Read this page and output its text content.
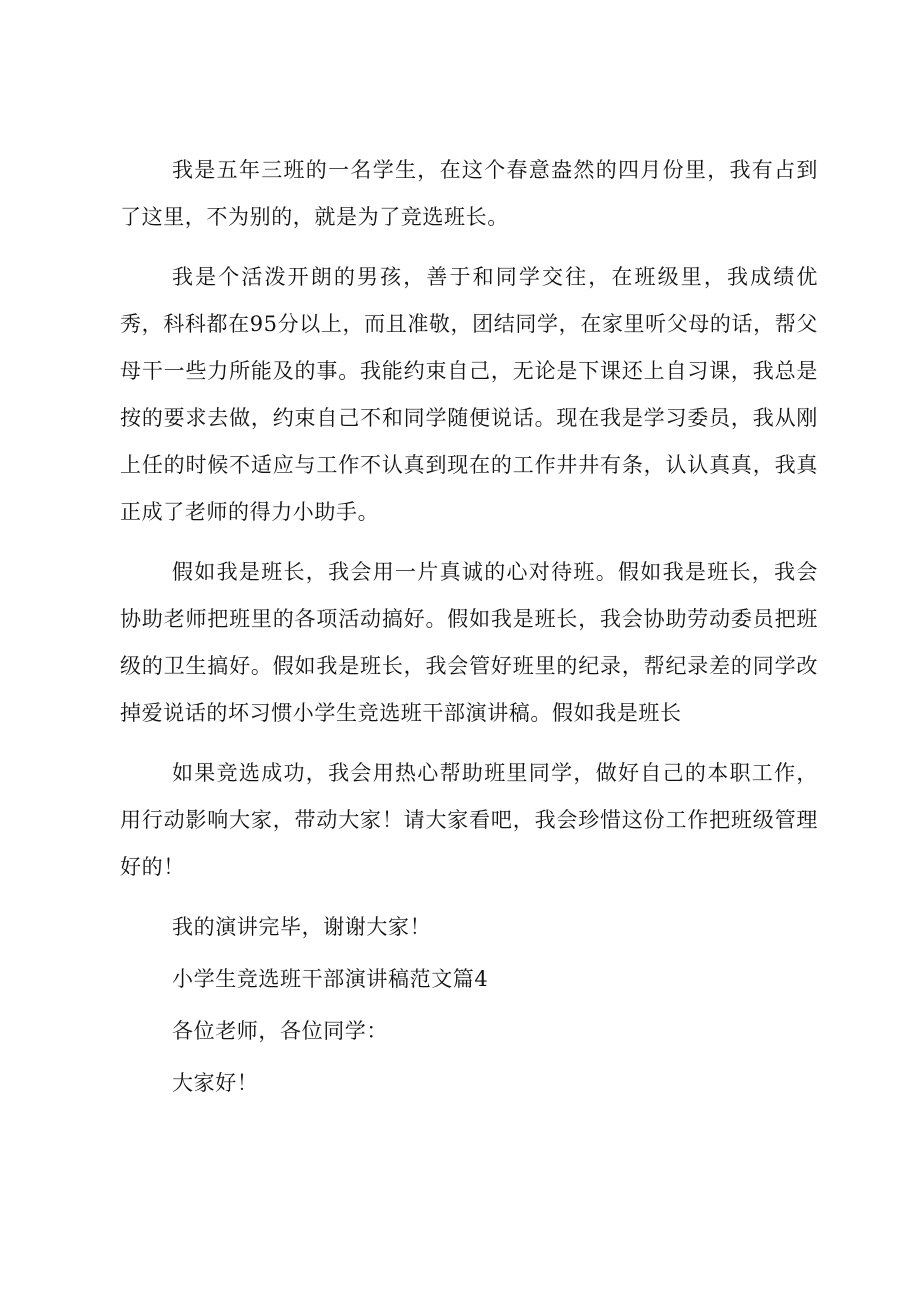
我是五年三班的一名学生，在这个春意盎然的四月份里，我有占到了这里，不为别的，就是为了竞选班长。

我是个活泼开朗的男孩，善于和同学交往，在班级里，我成绩优秀，科科都在95分以上，而且准敬，团结同学，在家里听父母的话，帮父母干一些力所能及的事。我能约束自己，无论是下课还上自习课，我总是按的要求去做，约束自己不和同学随便说话。现在我是学习委员，我从刚上任的时候不适应与工作不认真到现在的工作井井有条，认认真真，我真正成了老师的得力小助手。

假如我是班长，我会用一片真诚的心对待班。假如我是班长，我会协助老师把班里的各项活动搞好。假如我是班长，我会协助劳动委员把班级的卫生搞好。假如我是班长，我会管好班里的纪录，帮纪录差的同学改掉爱说话的坏习惯小学生竞选班干部演讲稿。假如我是班长

如果竞选成功，我会用热心帮助班里同学，做好自己的本职工作，用行动影响大家，带动大家！请大家看吧，我会珍惜这份工作把班级管理好的！

我的演讲完毕，谢谢大家！

小学生竞选班干部演讲稿范文篇4

各位老师，各位同学：

大家好！
